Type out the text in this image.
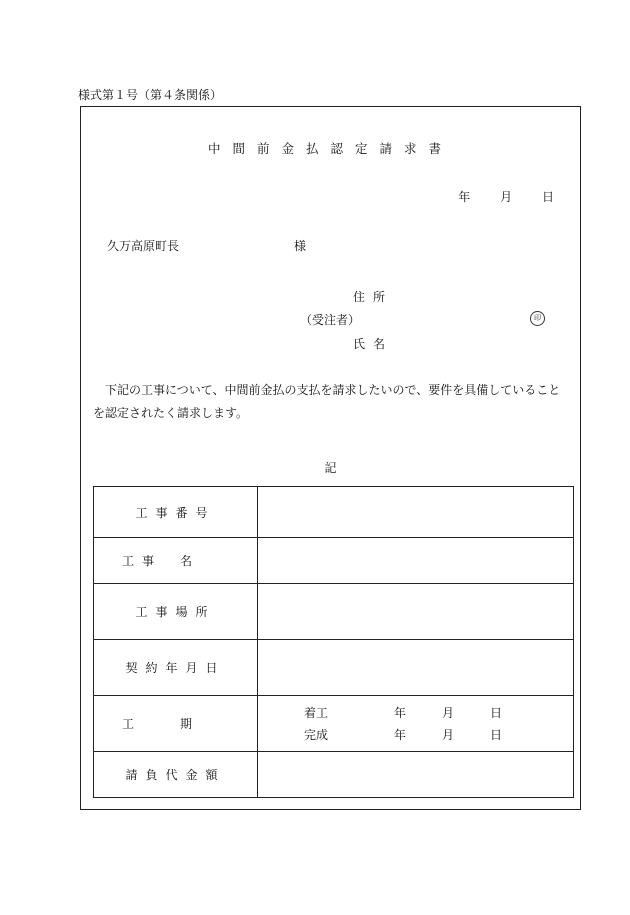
様式第１号（第４条関係）
中間前金払認定請求書
年 月 日
久万高原町長	様
住所
（受注者）	印
氏名
下記の工事について、中間前金払の支払を請求したいので、要件を具備していることを認定されたく請求します。
記
工事番号	
工事 名	
工事場所	
契約年月日	
工 期	着工 年 月 日
完成 年 月 日

請負代金額	
